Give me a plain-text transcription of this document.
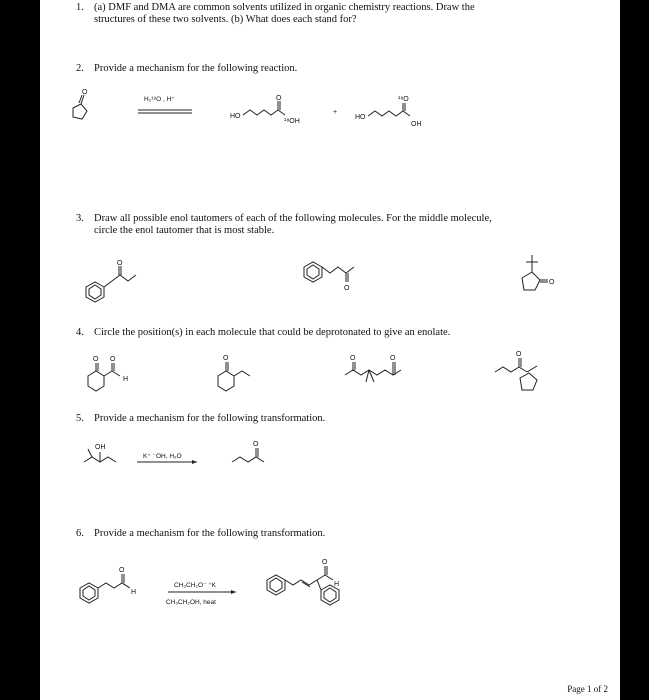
1. (a) DMF and DMA are common solvents utilized in organic chemistry reactions. Draw the
structures of these two solvents. (b) What does each stand for?
2. Provide a mechanism for the following reaction.
O
H₂¹⁸O , H⁺
HO
O
¹⁸OH
+
HO
¹⁸O
OH
3. Draw all possible enol tautomers of each of the following molecules. For the middle molecule,
circle the enol tautomer that is most stable.
O
O
O
4. Circle the position(s) in each molecule that could be deprotonated to give an enolate.
O O
H
O	O	O
O
5. Provide a mechanism for the following transformation.
OH
K⁺ ⁻OH, H₂O
O
6. Provide a mechanism for the following transformation.
O
H
CH₃CH₂O⁻ ⁺K
CH₃CH₂OH, heat
O
H
Page 1 of 2
